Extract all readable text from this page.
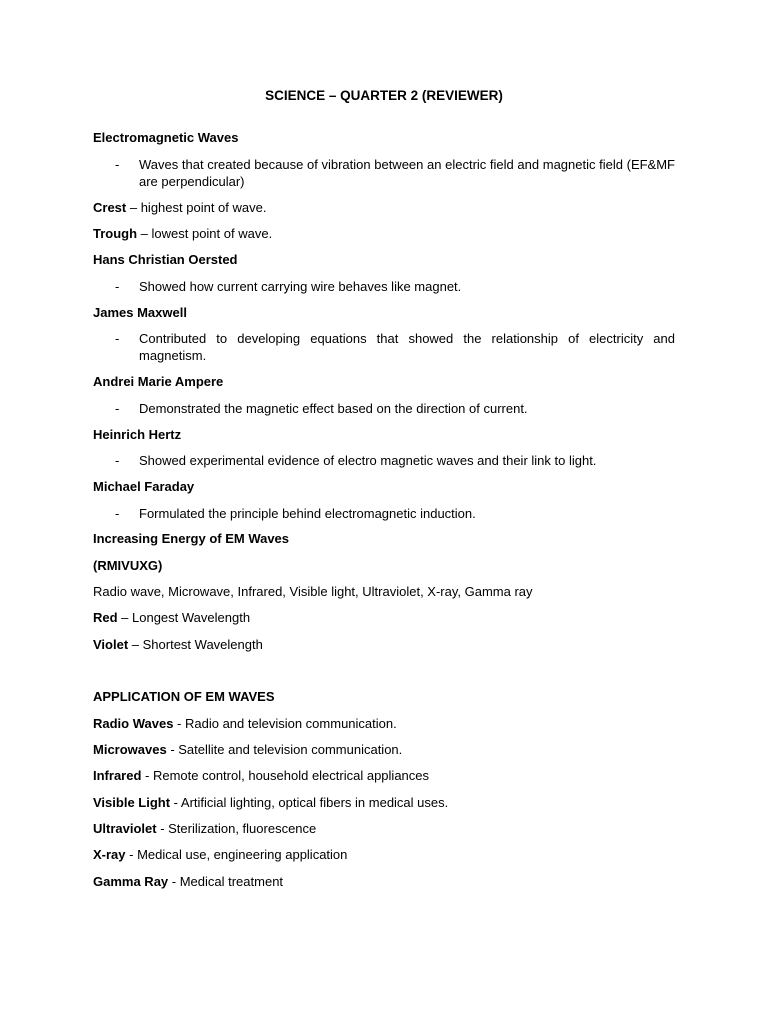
SCIENCE – QUARTER 2 (REVIEWER)

Electromagnetic Waves

- Waves that created because of vibration between an electric field and magnetic field (EF&MF are perpendicular)

Crest – highest point of wave.

Trough – lowest point of wave.

Hans Christian Oersted

- Showed how current carrying wire behaves like magnet.

James Maxwell

- Contributed to developing equations that showed the relationship of electricity and magnetism.

Andrei Marie Ampere

- Demonstrated the magnetic effect based on the direction of current.

Heinrich Hertz

- Showed experimental evidence of electro magnetic waves and their link to light.

Michael Faraday

- Formulated the principle behind electromagnetic induction.

Increasing Energy of EM Waves

(RMIVUXG)

Radio wave, Microwave, Infrared, Visible light, Ultraviolet, X-ray, Gamma ray

Red – Longest Wavelength

Violet – Shortest Wavelength

APPLICATION OF EM WAVES

Radio Waves - Radio and television communication.

Microwaves - Satellite and television communication.

Infrared - Remote control, household electrical appliances

Visible Light - Artificial lighting, optical fibers in medical uses.

Ultraviolet - Sterilization, fluorescence

X-ray - Medical use, engineering application

Gamma Ray - Medical treatment
